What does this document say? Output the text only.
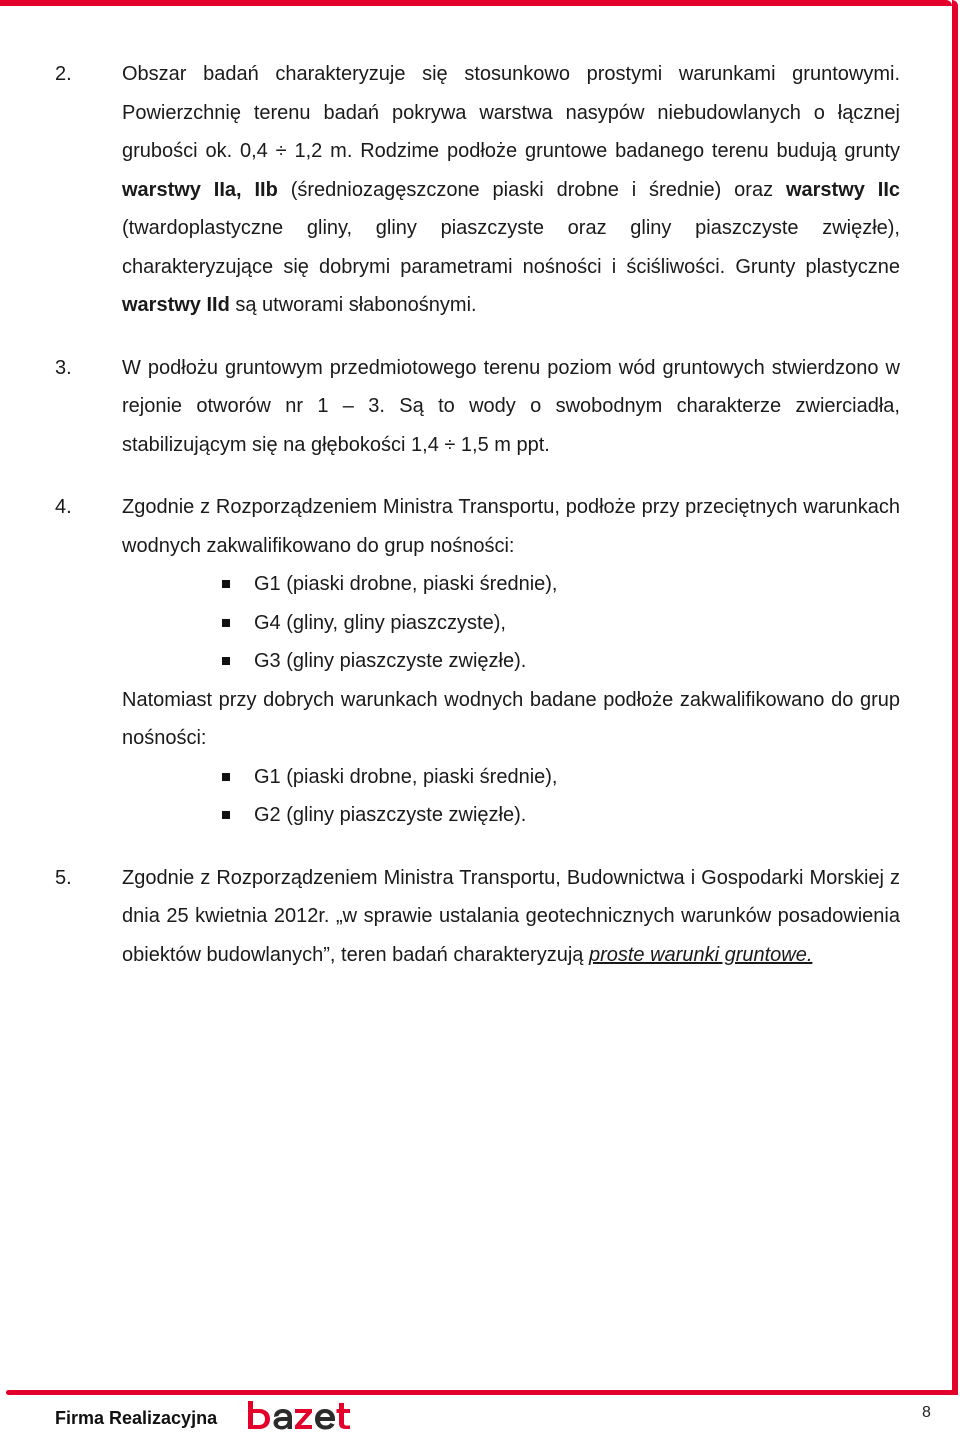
2.	Obszar badań charakteryzuje się stosunkowo prostymi warunkami gruntowymi. Powierzchnię terenu badań pokrywa warstwa nasypów niebudowlanych o łącznej grubości ok. 0,4 ÷ 1,2 m. Rodzime podłoże gruntowe badanego terenu budują grunty warstwy IIa, IIb (średniozagęszczone piaski drobne i średnie) oraz warstwy IIc (twardoplastyczne gliny, gliny piaszczyste oraz gliny piaszczyste zwięzłe), charakteryzujące się dobrymi parametrami nośności i ściśliwości. Grunty plastyczne warstwy IId są utworami słabonośnymi.

3.	W podłożu gruntowym przedmiotowego terenu poziom wód gruntowych stwierdzono w rejonie otworów nr 1 – 3. Są to wody o swobodnym charakterze zwierciadła, stabilizującym się na głębokości 1,4 ÷ 1,5 m ppt.

4.	Zgodnie z Rozporządzeniem Ministra Transportu, podłoże przy przeciętnych warunkach wodnych zakwalifikowano do grup nośności:

G1 (piaski drobne, piaski średnie),
G4 (gliny, gliny piaszczyste),
G3 (gliny piaszczyste zwięzłe).

Natomiast przy dobrych warunkach wodnych badane podłoże zakwalifikowano do grup nośności:

G1 (piaski drobne, piaski średnie),
G2 (gliny piaszczyste zwięzłe).
5.	Zgodnie z Rozporządzeniem Ministra Transportu, Budownictwa i Gospodarki Morskiej z dnia 25 kwietnia 2012r. „w sprawie ustalania geotechnicznych warunków posadowienia obiektów budowlanych”, teren badań charakteryzują proste warunki gruntowe.

Firma Realizacyjna	8
